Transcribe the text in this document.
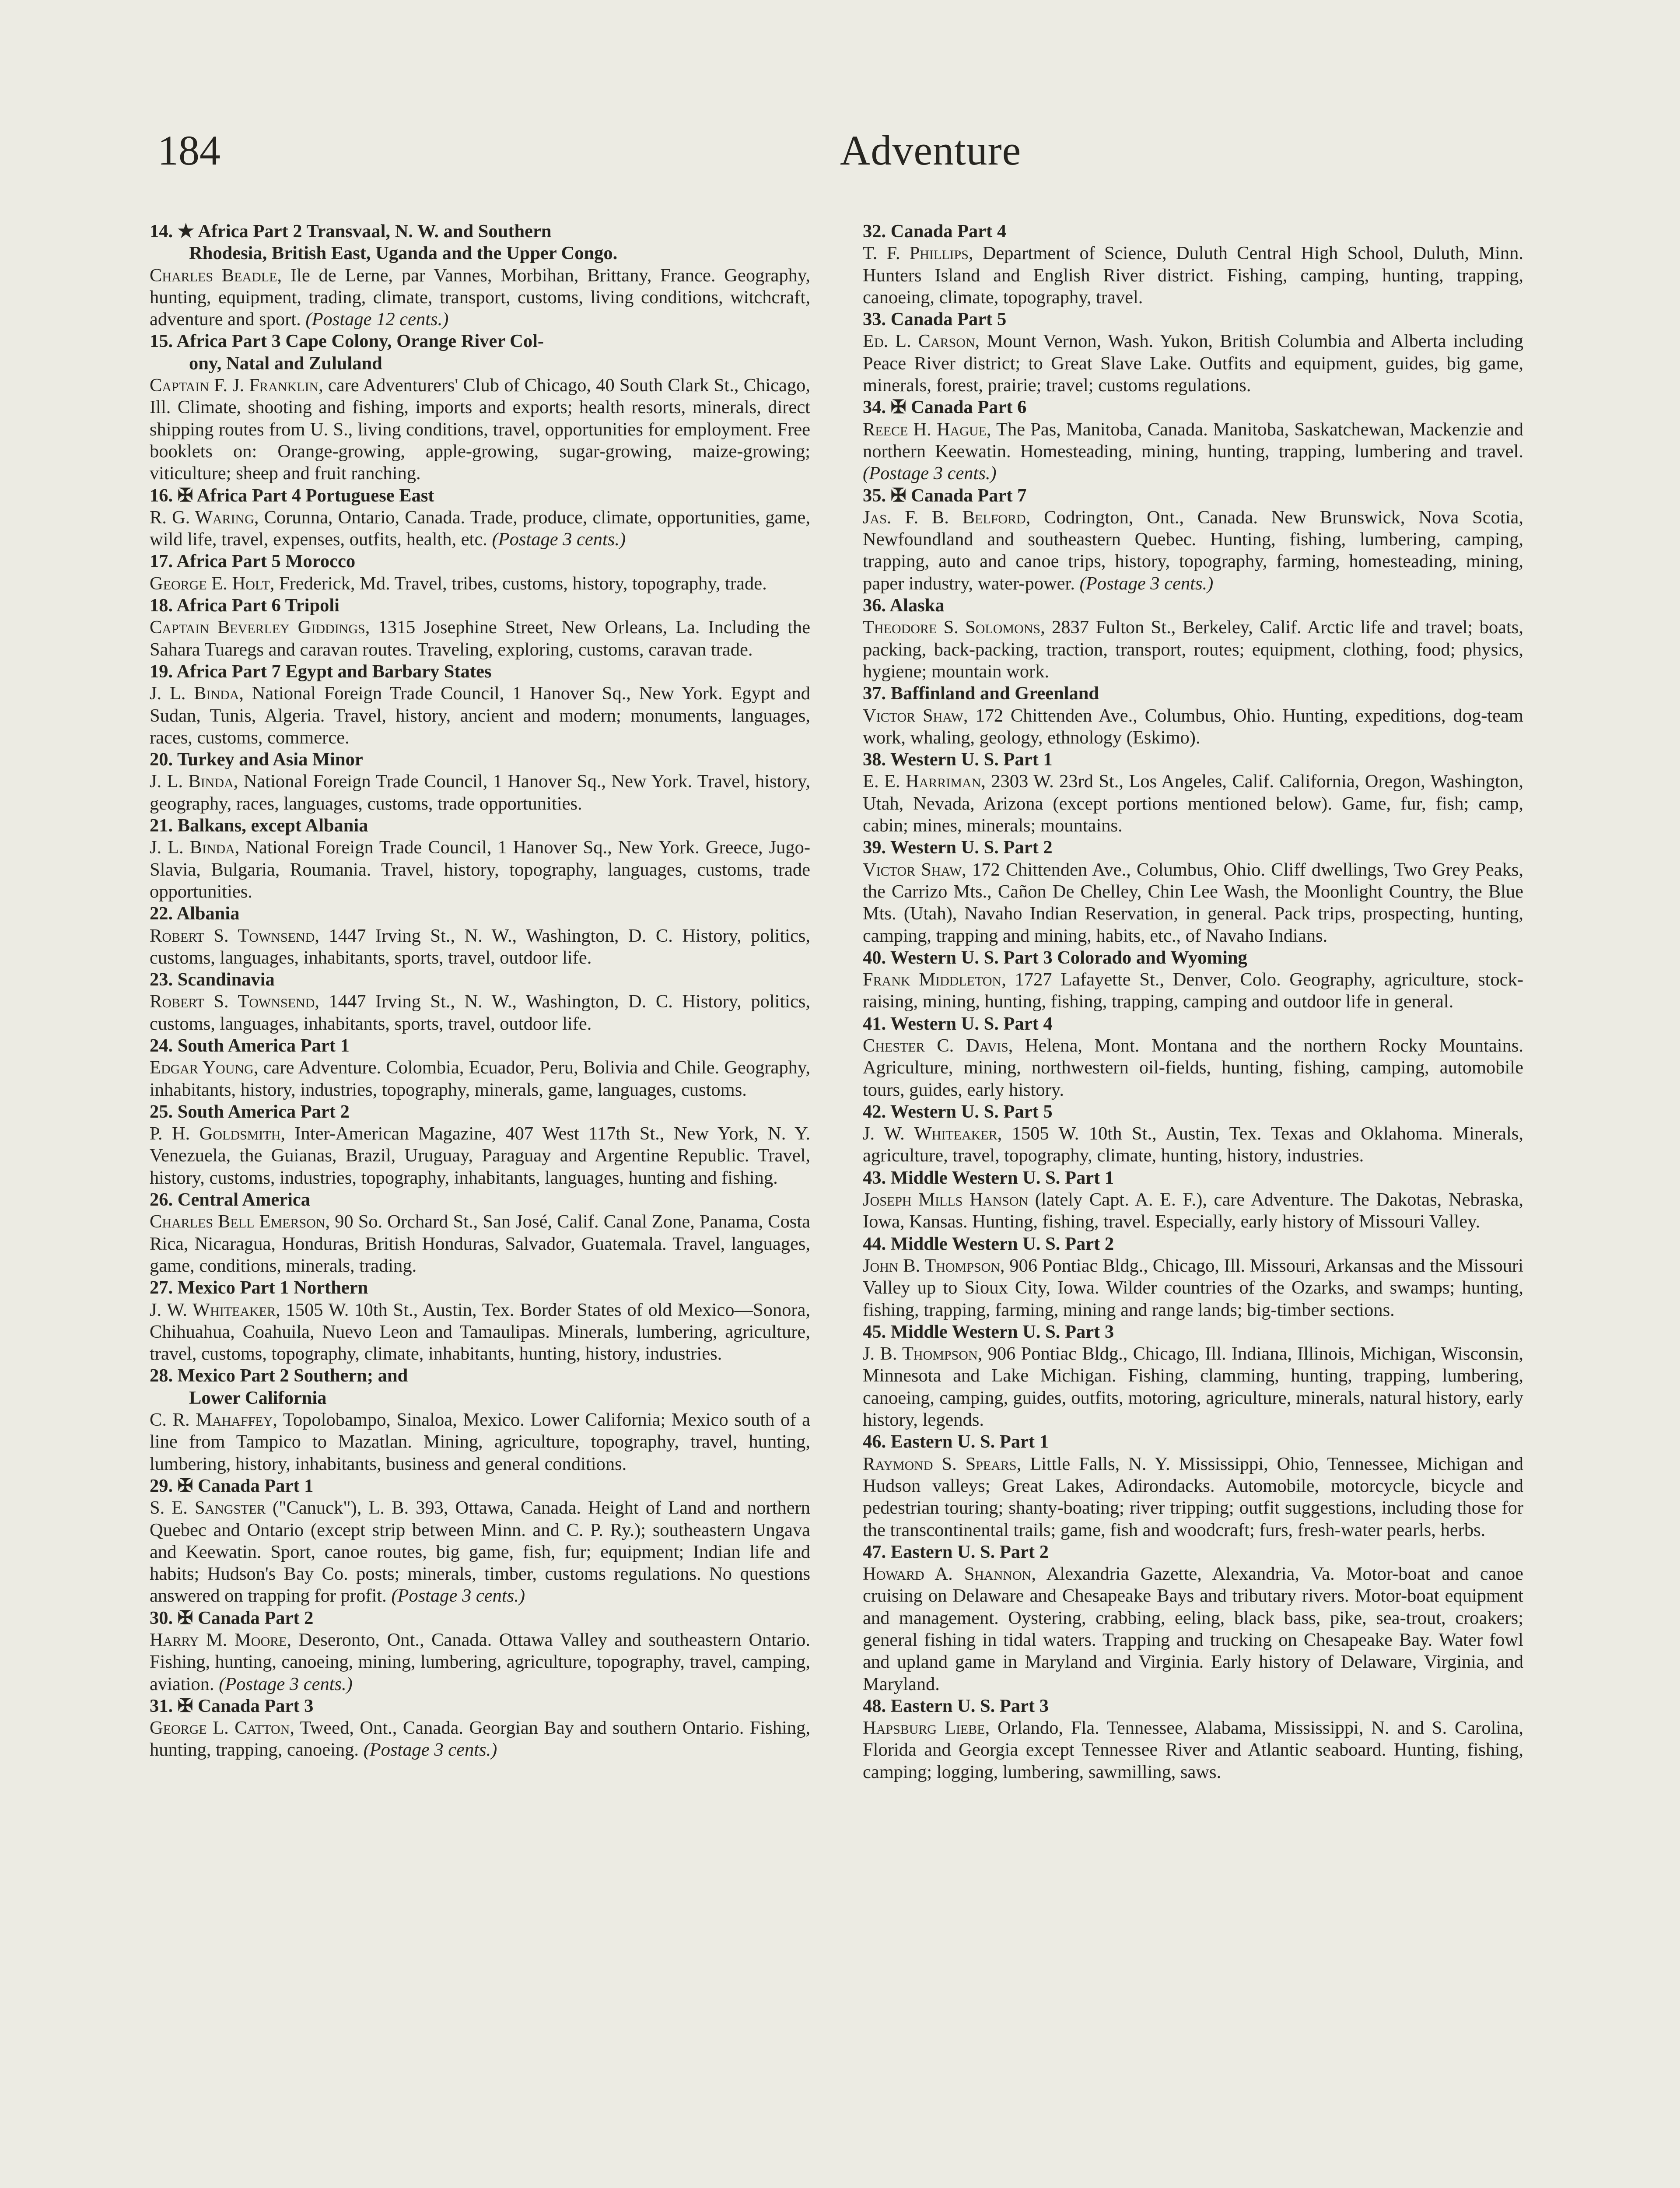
184	Adventure
14. ★ Africa Part 2 Transvaal, N. W. and Southern
Rhodesia, British East, Uganda and the Upper Congo.
Charles Beadle, Ile de Lerne, par Vannes, Morbihan, Brittany, France. Geography, hunting, equipment, trading, climate, transport, customs, living conditions, witchcraft, adventure and sport. (Postage 12 cents.)
15. Africa Part 3 Cape Colony, Orange River Col-
ony, Natal and Zululand
Captain F. J. Franklin, care Adventurers' Club of Chicago, 40 South Clark St., Chicago, Ill. Climate, shooting and fishing, imports and exports; health resorts, minerals, direct shipping routes from U. S., living conditions, travel, opportunities for employment. Free booklets on: Orange-growing, apple-growing, sugar-growing, maize-growing; viticulture; sheep and fruit ranching.
16. ✠ Africa Part 4 Portuguese East
R. G. Waring, Corunna, Ontario, Canada. Trade, produce, climate, opportunities, game, wild life, travel, expenses, outfits, health, etc. (Postage 3 cents.)
17. Africa Part 5 Morocco
George E. Holt, Frederick, Md. Travel, tribes, customs, history, topography, trade.
18. Africa Part 6 Tripoli
Captain Beverley Giddings, 1315 Josephine Street, New Orleans, La. Including the Sahara Tuaregs and caravan routes. Traveling, exploring, customs, caravan trade.
19. Africa Part 7 Egypt and Barbary States
J. L. Binda, National Foreign Trade Council, 1 Hanover Sq., New York. Egypt and Sudan, Tunis, Algeria. Travel, history, ancient and modern; monuments, languages, races, customs, commerce.
20. Turkey and Asia Minor
J. L. Binda, National Foreign Trade Council, 1 Hanover Sq., New York. Travel, history, geography, races, languages, customs, trade opportunities.
21. Balkans, except Albania
J. L. Binda, National Foreign Trade Council, 1 Hanover Sq., New York. Greece, Jugo-Slavia, Bulgaria, Roumania. Travel, history, topography, languages, customs, trade opportunities.
22. Albania
Robert S. Townsend, 1447 Irving St., N. W., Washington, D. C. History, politics, customs, languages, inhabitants, sports, travel, outdoor life.
23. Scandinavia
Robert S. Townsend, 1447 Irving St., N. W., Washington, D. C. History, politics, customs, languages, inhabitants, sports, travel, outdoor life.
24. South America Part 1
Edgar Young, care Adventure. Colombia, Ecuador, Peru, Bolivia and Chile. Geography, inhabitants, history, industries, topography, minerals, game, languages, customs.
25. South America Part 2
P. H. Goldsmith, Inter-American Magazine, 407 West 117th St., New York, N. Y. Venezuela, the Guianas, Brazil, Uruguay, Paraguay and Argentine Republic. Travel, history, customs, industries, topography, inhabitants, languages, hunting and fishing.
26. Central America
Charles Bell Emerson, 90 So. Orchard St., San José, Calif. Canal Zone, Panama, Costa Rica, Nicaragua, Honduras, British Honduras, Salvador, Guatemala. Travel, languages, game, conditions, minerals, trading.
27. Mexico Part 1 Northern
J. W. Whiteaker, 1505 W. 10th St., Austin, Tex. Border States of old Mexico—Sonora, Chihuahua, Coahuila, Nuevo Leon and Tamaulipas. Minerals, lumbering, agriculture, travel, customs, topography, climate, inhabitants, hunting, history, industries.
28. Mexico Part 2 Southern; and
Lower California
C. R. Mahaffey, Topolobampo, Sinaloa, Mexico. Lower California; Mexico south of a line from Tampico to Mazatlan. Mining, agriculture, topography, travel, hunting, lumbering, history, inhabitants, business and general conditions.
29. ✠ Canada Part 1
S. E. Sangster ("Canuck"), L. B. 393, Ottawa, Canada. Height of Land and northern Quebec and Ontario (except strip between Minn. and C. P. Ry.); southeastern Ungava and Keewatin. Sport, canoe routes, big game, fish, fur; equipment; Indian life and habits; Hudson's Bay Co. posts; minerals, timber, customs regulations. No questions answered on trapping for profit. (Postage 3 cents.)
30. ✠ Canada Part 2
Harry M. Moore, Deseronto, Ont., Canada. Ottawa Valley and southeastern Ontario. Fishing, hunting, canoeing, mining, lumbering, agriculture, topography, travel, camping, aviation. (Postage 3 cents.)
31. ✠ Canada Part 3
George L. Catton, Tweed, Ont., Canada. Georgian Bay and southern Ontario. Fishing, hunting, trapping, canoeing. (Postage 3 cents.)
32. Canada Part 4
T. F. Phillips, Department of Science, Duluth Central High School, Duluth, Minn. Hunters Island and English River district. Fishing, camping, hunting, trapping, canoeing, climate, topography, travel.
33. Canada Part 5
Ed. L. Carson, Mount Vernon, Wash. Yukon, British Columbia and Alberta including Peace River district; to Great Slave Lake. Outfits and equipment, guides, big game, minerals, forest, prairie; travel; customs regulations.
34. ✠ Canada Part 6
Reece H. Hague, The Pas, Manitoba, Canada. Manitoba, Saskatchewan, Mackenzie and northern Keewatin. Homesteading, mining, hunting, trapping, lumbering and travel. (Postage 3 cents.)
35. ✠ Canada Part 7
Jas. F. B. Belford, Codrington, Ont., Canada. New Brunswick, Nova Scotia, Newfoundland and southeastern Quebec. Hunting, fishing, lumbering, camping, trapping, auto and canoe trips, history, topography, farming, homesteading, mining, paper industry, water-power. (Postage 3 cents.)
36. Alaska
Theodore S. Solomons, 2837 Fulton St., Berkeley, Calif. Arctic life and travel; boats, packing, back-packing, traction, transport, routes; equipment, clothing, food; physics, hygiene; mountain work.
37. Baffinland and Greenland
Victor Shaw, 172 Chittenden Ave., Columbus, Ohio. Hunting, expeditions, dog-team work, whaling, geology, ethnology (Eskimo).
38. Western U. S. Part 1
E. E. Harriman, 2303 W. 23rd St., Los Angeles, Calif. California, Oregon, Washington, Utah, Nevada, Arizona (except portions mentioned below). Game, fur, fish; camp, cabin; mines, minerals; mountains.
39. Western U. S. Part 2
Victor Shaw, 172 Chittenden Ave., Columbus, Ohio. Cliff dwellings, Two Grey Peaks, the Carrizo Mts., Cañon De Chelley, Chin Lee Wash, the Moonlight Country, the Blue Mts. (Utah), Navaho Indian Reservation, in general. Pack trips, prospecting, hunting, camping, trapping and mining, habits, etc., of Navaho Indians.
40. Western U. S. Part 3 Colorado and Wyoming
Frank Middleton, 1727 Lafayette St., Denver, Colo. Geography, agriculture, stock-raising, mining, hunting, fishing, trapping, camping and outdoor life in general.
41. Western U. S. Part 4
Chester C. Davis, Helena, Mont. Montana and the northern Rocky Mountains. Agriculture, mining, northwestern oil-fields, hunting, fishing, camping, automobile tours, guides, early history.
42. Western U. S. Part 5
J. W. Whiteaker, 1505 W. 10th St., Austin, Tex. Texas and Oklahoma. Minerals, agriculture, travel, topography, climate, hunting, history, industries.
43. Middle Western U. S. Part 1
Joseph Mills Hanson (lately Capt. A. E. F.), care Adventure. The Dakotas, Nebraska, Iowa, Kansas. Hunting, fishing, travel. Especially, early history of Missouri Valley.
44. Middle Western U. S. Part 2
John B. Thompson, 906 Pontiac Bldg., Chicago, Ill. Missouri, Arkansas and the Missouri Valley up to Sioux City, Iowa. Wilder countries of the Ozarks, and swamps; hunting, fishing, trapping, farming, mining and range lands; big-timber sections.
45. Middle Western U. S. Part 3
J. B. Thompson, 906 Pontiac Bldg., Chicago, Ill. Indiana, Illinois, Michigan, Wisconsin, Minnesota and Lake Michigan. Fishing, clamming, hunting, trapping, lumbering, canoeing, camping, guides, outfits, motoring, agriculture, minerals, natural history, early history, legends.
46. Eastern U. S. Part 1
Raymond S. Spears, Little Falls, N. Y. Mississippi, Ohio, Tennessee, Michigan and Hudson valleys; Great Lakes, Adirondacks. Automobile, motorcycle, bicycle and pedestrian touring; shanty-boating; river tripping; outfit suggestions, including those for the transcontinental trails; game, fish and woodcraft; furs, fresh-water pearls, herbs.
47. Eastern U. S. Part 2
Howard A. Shannon, Alexandria Gazette, Alexandria, Va. Motor-boat and canoe cruising on Delaware and Chesapeake Bays and tributary rivers. Motor-boat equipment and management. Oystering, crabbing, eeling, black bass, pike, sea-trout, croakers; general fishing in tidal waters. Trapping and trucking on Chesapeake Bay. Water fowl and upland game in Maryland and Virginia. Early history of Delaware, Virginia, and Maryland.
48. Eastern U. S. Part 3
Hapsburg Liebe, Orlando, Fla. Tennessee, Alabama, Mississippi, N. and S. Carolina, Florida and Georgia except Tennessee River and Atlantic seaboard. Hunting, fishing, camping; logging, lumbering, sawmilling, saws.
